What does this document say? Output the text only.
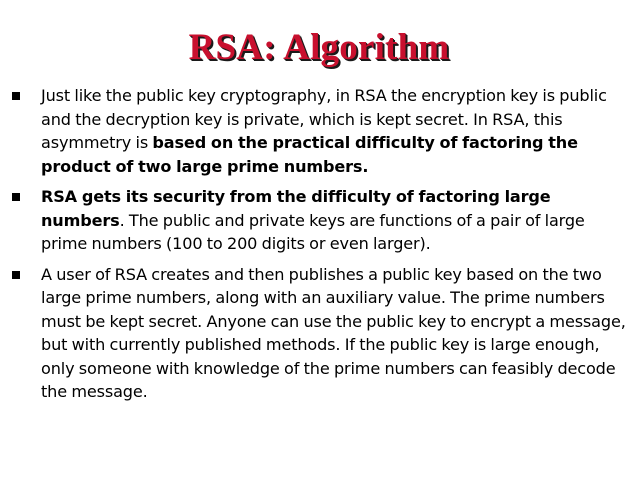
RSA: Algorithm
Just like the public key cryptography, in RSA the encryption key is public and the decryption key is private, which is kept secret. In RSA, this asymmetry is based on the practical difficulty of factoring the product of two large prime numbers.
RSA gets its security from the difficulty of factoring large numbers. The public and private keys are functions of a pair of large prime numbers (100 to 200 digits or even larger).
A user of RSA creates and then publishes a public key based on the two large prime numbers, along with an auxiliary value. The prime numbers must be kept secret. Anyone can use the public key to encrypt a message, but with currently published methods. If the public key is large enough, only someone with knowledge of the prime numbers can feasibly decode the message.
